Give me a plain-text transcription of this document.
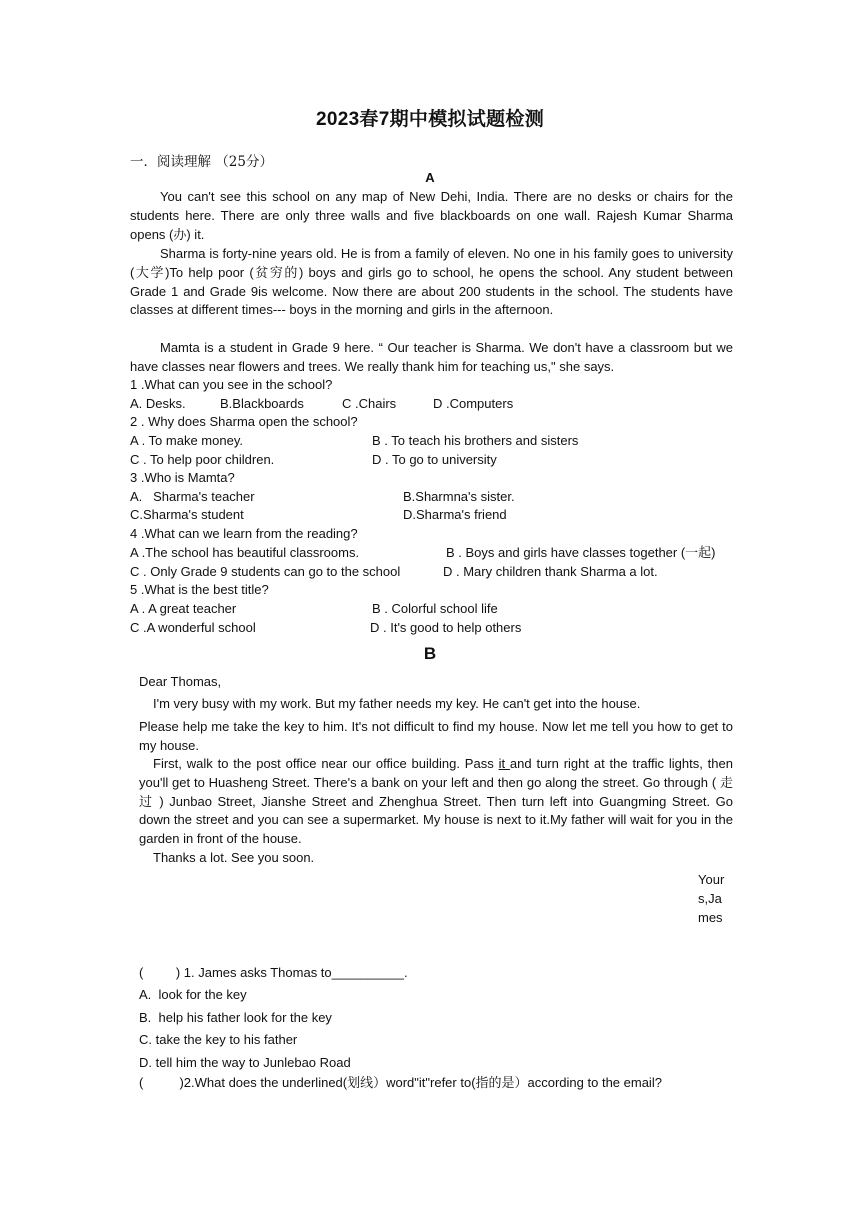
2023春7期中模拟试题检测
一．阅读理解 （25分）
A

You can't see this school on any map of New Dehi, India. There are no desks or chairs for the students here. There are only three walls and five blackboards on one wall. Rajesh Kumar Sharma opens (办) it.

Sharma is forty-nine years old. He is from a family of eleven. No one in his family goes to university (大学)To help poor (贫穷的) boys and girls go to school, he opens the school. Any student between Grade 1 and Grade 9is welcome. Now there are about 200 students in the school. The students have classes at different times--- boys in the morning and girls in the afternoon.

Mamta is a student in Grade 9 here. “ Our teacher is Sharma. We don't have a classroom but we have classes near flowers and trees. We really thank him for teaching us," she says.

1 .What can you see in the school?
A. Desks.	B.Blackboards	C .Chairs	D .Computers
2 . Why does Sharma open the school?
A . To make money.	B . To teach his brothers and sisters
C . To help poor children.	D . To go to university
3 .Who is Mamta?
A.   Sharma's teacher	B.Sharmna's sister.
C.Sharma's student	D.Sharma's friend
4 .What can we learn from the reading?
A .The school has beautiful classrooms.	B . Boys and girls have classes together (一起)
C . Only Grade 9 students can go to the school	D . Mary children thank Sharma a lot.
5 .What is the best title?
A . A great teacher	B . Colorful school life
C .A wonderful school	D . It's good to help others
B
Dear Thomas,

I'm very busy with my work. But my father needs my key. He can't get into the house.

Please help me take the key to him. It's not difficult to find my house. Now let me tell you how to get to my house.

First, walk to the post office near our office building. Pass it and turn right at the traffic lights, then you'll get to Huasheng Street. There's a bank on your left and then go along the street. Go through ( 走 过 ) Junbao Street, Jianshe Street and Zhenghua Street. Then turn left into Guangming Street. Go down the street and you can see a supermarket. My house is next to it.My father will wait for you in the garden in front of the house.

Thanks a lot. See you soon.

Yours,James
(         ) 1. James asks Thomas to__________.
A.  look for the key
B.  help his father look for the key
C. take the key to his father
D. tell him the way to Junlebao Road
(          )2.What does the underlined(划线）word"it"refer to(指的是）according to the email?
